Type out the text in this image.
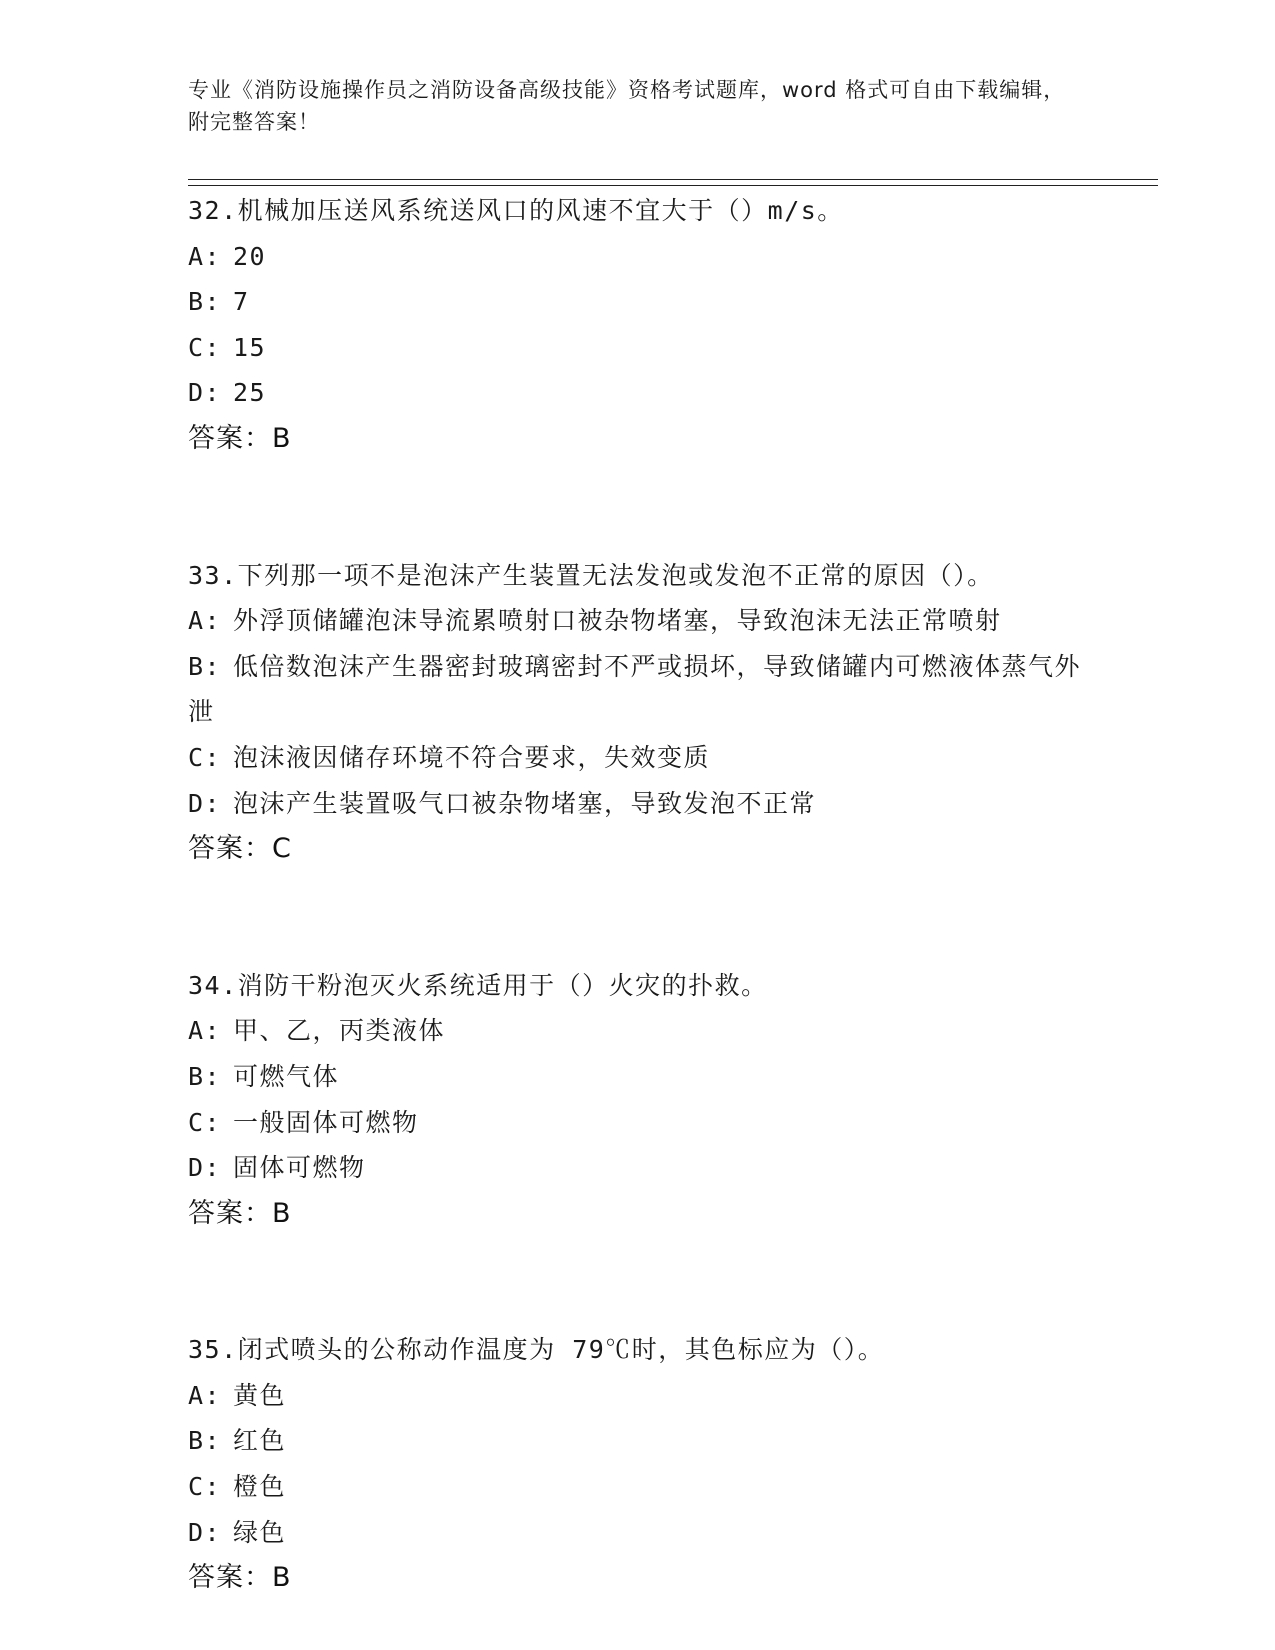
专业《消防设施操作员之消防设备高级技能》资格考试题库，word 格式可自由下载编辑，附完整答案！
32.机械加压送风系统送风口的风速不宜大于（）m/s。
A: 20
B: 7
C: 15
D: 25
答案：B
33.下列那一项不是泡沫产生装置无法发泡或发泡不正常的原因（）。
A: 外浮顶储罐泡沫导流累喷射口被杂物堵塞，导致泡沫无法正常喷射
B: 低倍数泡沫产生器密封玻璃密封不严或损坏，导致储罐内可燃液体蒸气外泄
C: 泡沫液因储存环境不符合要求，失效变质
D: 泡沫产生装置吸气口被杂物堵塞，导致发泡不正常
答案：C
34.消防干粉泡灭火系统适用于（）火灾的扑救。
A: 甲、乙，丙类液体
B: 可燃气体
C: 一般固体可燃物
D: 固体可燃物
答案：B
35.闭式喷头的公称动作温度为 79℃时，其色标应为（）。
A: 黄色
B: 红色
C: 橙色
D: 绿色
答案：B
